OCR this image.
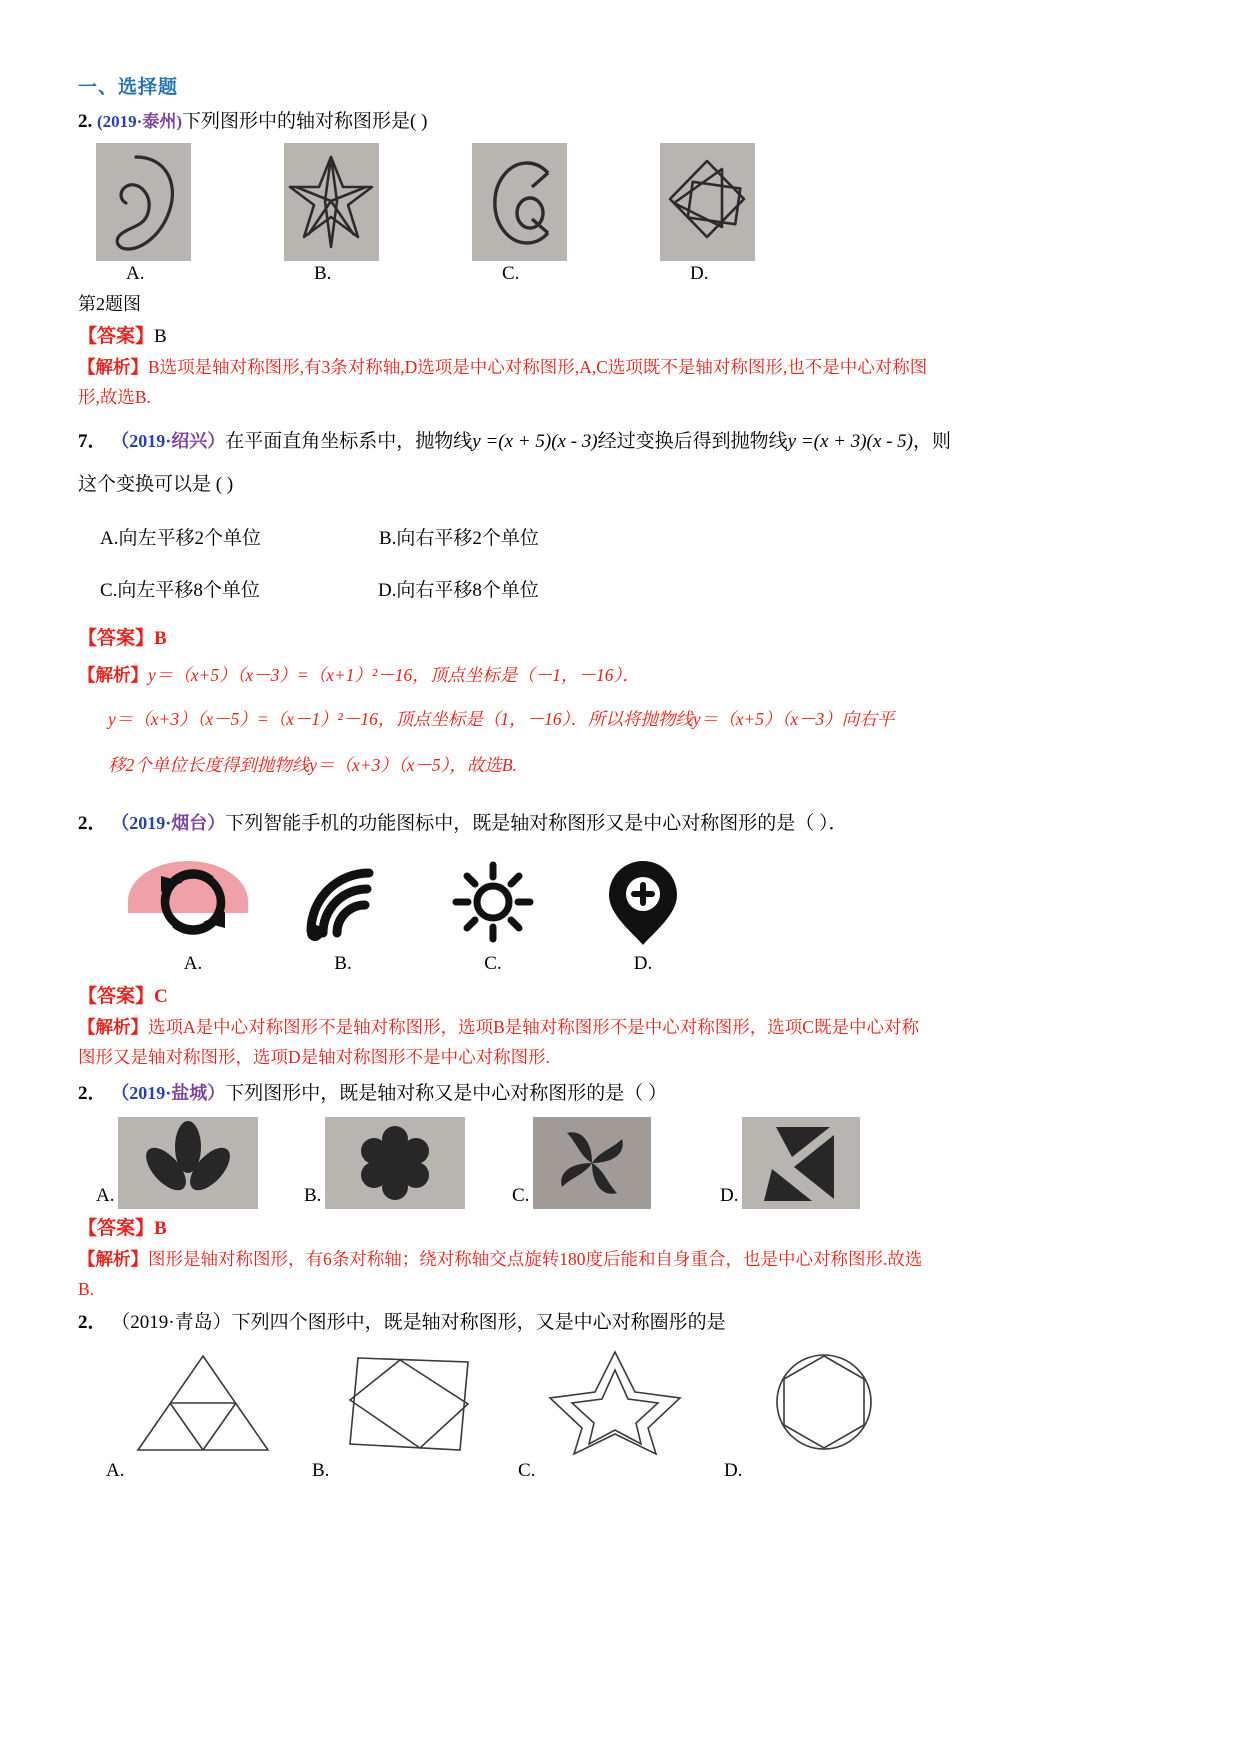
一、选择题
2. (2019·泰州)下列图形中的轴对称图形是( )
A.	B.	C.	D.
第2题图
【答案】B
【解析】B选项是轴对称图形,有3条对称轴,D选项是中心对称图形,A,C选项既不是轴对称图形,也不是中心对称图
形,故选B.
7． （2019·绍兴）在平面直角坐标系中，抛物线y =(x + 5)(x - 3)经过变换后得到抛物线y =(x + 3)(x - 5)，则
这个变换可以是 ( )
A.向左平移2个单位	B.向右平移2个单位
C.向左平移8个单位	D.向右平移8个单位
【答案】B
【解析】y＝（x+5）（x－3）=（x+1）²－16，顶点坐标是（－1，－16）．
y＝（x+3）（x－5）=（x－1）²－16，顶点坐标是（1，－16）．所以将抛物线y＝（x+5）（x－3）向右平
移2个单位长度得到抛物线y＝（x+3）（x－5），故选B.
2． （2019·烟台）下列智能手机的功能图标中，既是轴对称图形又是中心对称图形的是（ ）．
A.	B.	C.	D.
【答案】C
【解析】选项A是中心对称图形不是轴对称图形，选项B是轴对称图形不是中心对称图形，选项C既是中心对称
图形又是轴对称图形，选项D是轴对称图形不是中心对称图形.
2． （2019·盐城）下列图形中，既是轴对称又是中心对称图形的是（ ）
A.	B.	C.	D.
【答案】B
【解析】图形是轴对称图形，有6条对称轴；绕对称轴交点旋转180度后能和自身重合，也是中心对称图形.故选
B.
2． （2019·青岛）下列四个图形中，既是轴对称图形，又是中心对称圈彤的是
A.	B.	C.	D.
